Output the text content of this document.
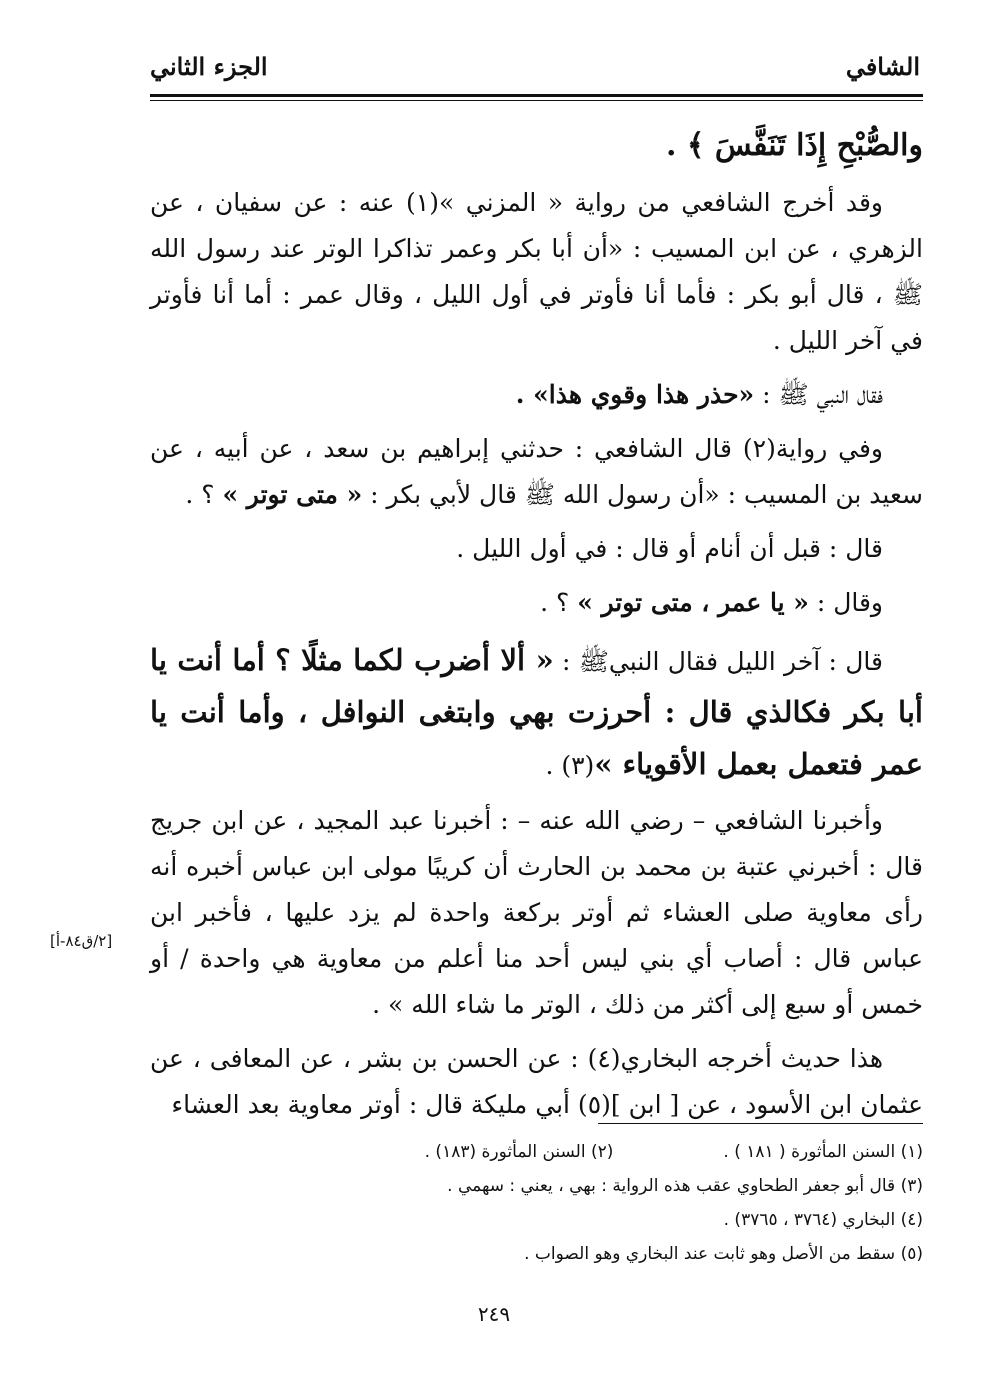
الشافي
الجزء الثاني

والصُّبْحِ إِذَا تَنَفَّسَ ﴾ .

وقد أخرج الشافعي من رواية « المزني »(١) عنه : عن سفيان ، عن الزهري ، عن ابن المسيب : «أن أبا بكر وعمر تذاكرا الوتر عند رسول الله ﷺ ، قال أبو بكر : فأما أنا فأوتر في أول الليل ، وقال عمر : أما أنا فأوتر في آخر الليل .

فقال النبي ﷺ : «حذر هذا وقوي هذا» .

وفي رواية(٢) قال الشافعي : حدثني إبراهيم بن سعد ، عن أبيه ، عن سعيد بن المسيب : «أن رسول الله ﷺ قال لأبي بكر : « متى توتر » ؟ .

قال : قبل أن أنام أو قال : في أول الليل .

وقال : « يا عمر ، متى توتر » ؟ .

قال : آخر الليل فقال النبيﷺ : « ألا أضرب لكما مثلًا ؟ أما أنت يا أبا بكر فكالذي قال : أحرزت بهي وابتغى النوافل ، وأما أنت يا عمر فتعمل بعمل الأقوياء »(٣) .

وأخبرنا الشافعي – رضي الله عنه – : أخبرنا عبد المجيد ، عن ابن جريج قال : أخبرني عتبة بن محمد بن الحارث أن كريبًا مولى ابن عباس أخبره أنه رأى معاوية صلى العشاء ثم أوتر بركعة واحدة لم يزد عليها ، فأخبر ابن عباس قال : أصاب أي بني ليس أحد منا أعلم من معاوية هي واحدة / أو خمس أو سبع إلى أكثر من ذلك ، الوتر ما شاء الله » .

هذا حديث أخرجه البخاري(٤) : عن الحسن بن بشر ، عن المعافى ، عن عثمان ابن الأسود ، عن [ ابن ](٥) أبي مليكة قال : أوتر معاوية بعد العشاء

[٢/ق٨٤-أ]
(١) السنن المأثورة ( ١٨١ ) .
(٢) السنن المأثورة (١٨٣) .
(٣) قال أبو جعفر الطحاوي عقب هذه الرواية : بهي ، يعني : سهمي .
(٤) البخاري (٣٧٦٤ ، ٣٧٦٥) .
(٥) سقط من الأصل وهو ثابت عند البخاري وهو الصواب .
٢٤٩
